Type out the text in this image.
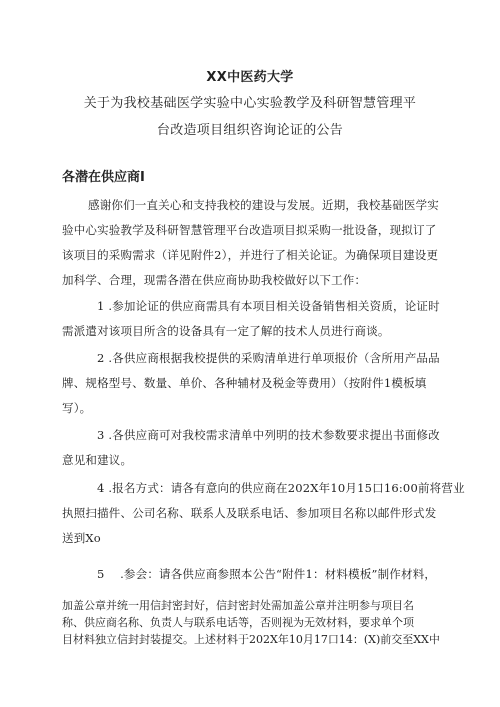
XX中医药大学
关于为我校基础医学实验中心实验教学及科研智慧管理平
台改造项目组织咨询论证的公告
各潜在供应商I
感谢你们一直关心和支持我校的建设与发展。近期，我校基础医学实
验中心实验教学及科研智慧管理平台改造项目拟采购一批设备，现拟订了
该项目的采购需求（详见附件2），并进行了相关论证。为确保项目建设更
加科学、合理，现需各潜在供应商协助我校做好以下工作：
1 .参加论证的供应商需具有本项目相关设备销售相关资质，论证时
需派遣对该项目所含的设备具有一定了解的技术人员进行商谈。
2 .各供应商根据我校提供的采购清单进行单项报价（含所用产品品
牌、规格型号、数量、单价、各种辅材及税金等费用）（按附件1模板填
写）。
3 .各供应商可对我校需求清单中列明的技术参数要求提出书面修改
意见和建议。
4 .报名方式：请各有意向的供应商在202X年10月15口16:00前将营业
执照扫描件、公司名称、联系人及联系电话、参加项目名称以邮件形式发
送到Xo
5 　.参会：请各供应商参照本公告“附件1：材料模板”制作材料，
加盖公章并统一用信封密封好，信封密封处需加盖公章并注明参与项目名
称、供应商名称、负责人与联系电话等，否则视为无效材料，要求单个项
目材料独立信封封装提交。上述材料于202X年10月17口14：(X)前交至XX中
